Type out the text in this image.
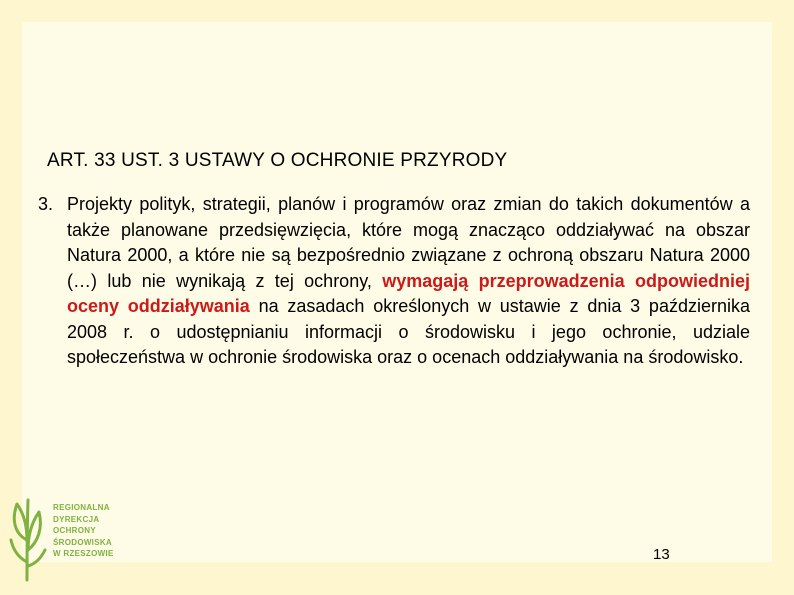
ART. 33 UST. 3 USTAWY O OCHRONIE PRZYRODY
3. Projekty polityk, strategii, planów i programów oraz zmian do takich dokumentów a także planowane przedsięwzięcia, które mogą znacząco oddziaływać na obszar Natura 2000, a które nie są bezpośrednio związane z ochroną obszaru Natura 2000 (…) lub nie wynikają z tej ochrony, wymagają przeprowadzenia odpowiedniej oceny oddziaływania na zasadach określonych w ustawie z dnia 3 października 2008 r. o udostępnianiu informacji o środowisku i jego ochronie, udziale społeczeństwa w ochronie środowiska oraz o ocenach oddziaływania na środowisko.
13
REGIONALNA
DYREKCJA
OCHRONY
ŚRODOWISKA
W RZESZOWIE
